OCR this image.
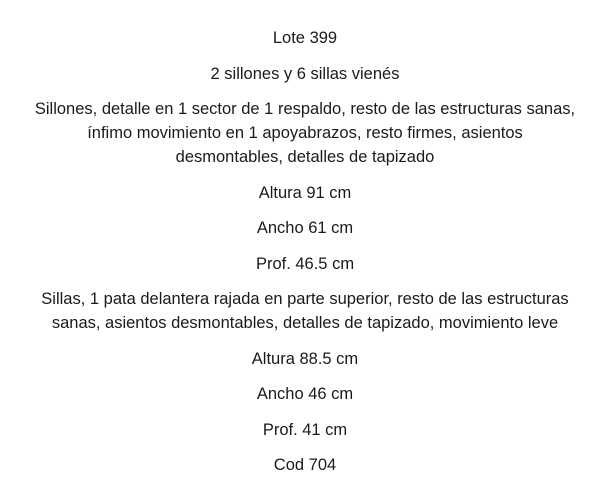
Lote 399

2 sillones y 6 sillas vienés

Sillones, detalle en 1 sector de 1 respaldo, resto de las estructuras sanas,
ínfimo movimiento en 1 apoyabrazos, resto firmes, asientos
desmontables, detalles de tapizado

Altura 91 cm

Ancho 61 cm

Prof. 46.5 cm

Sillas, 1 pata delantera rajada en parte superior, resto de las estructuras
sanas, asientos desmontables, detalles de tapizado, movimiento leve

Altura 88.5 cm

Ancho 46 cm

Prof. 41 cm

Cod 704
